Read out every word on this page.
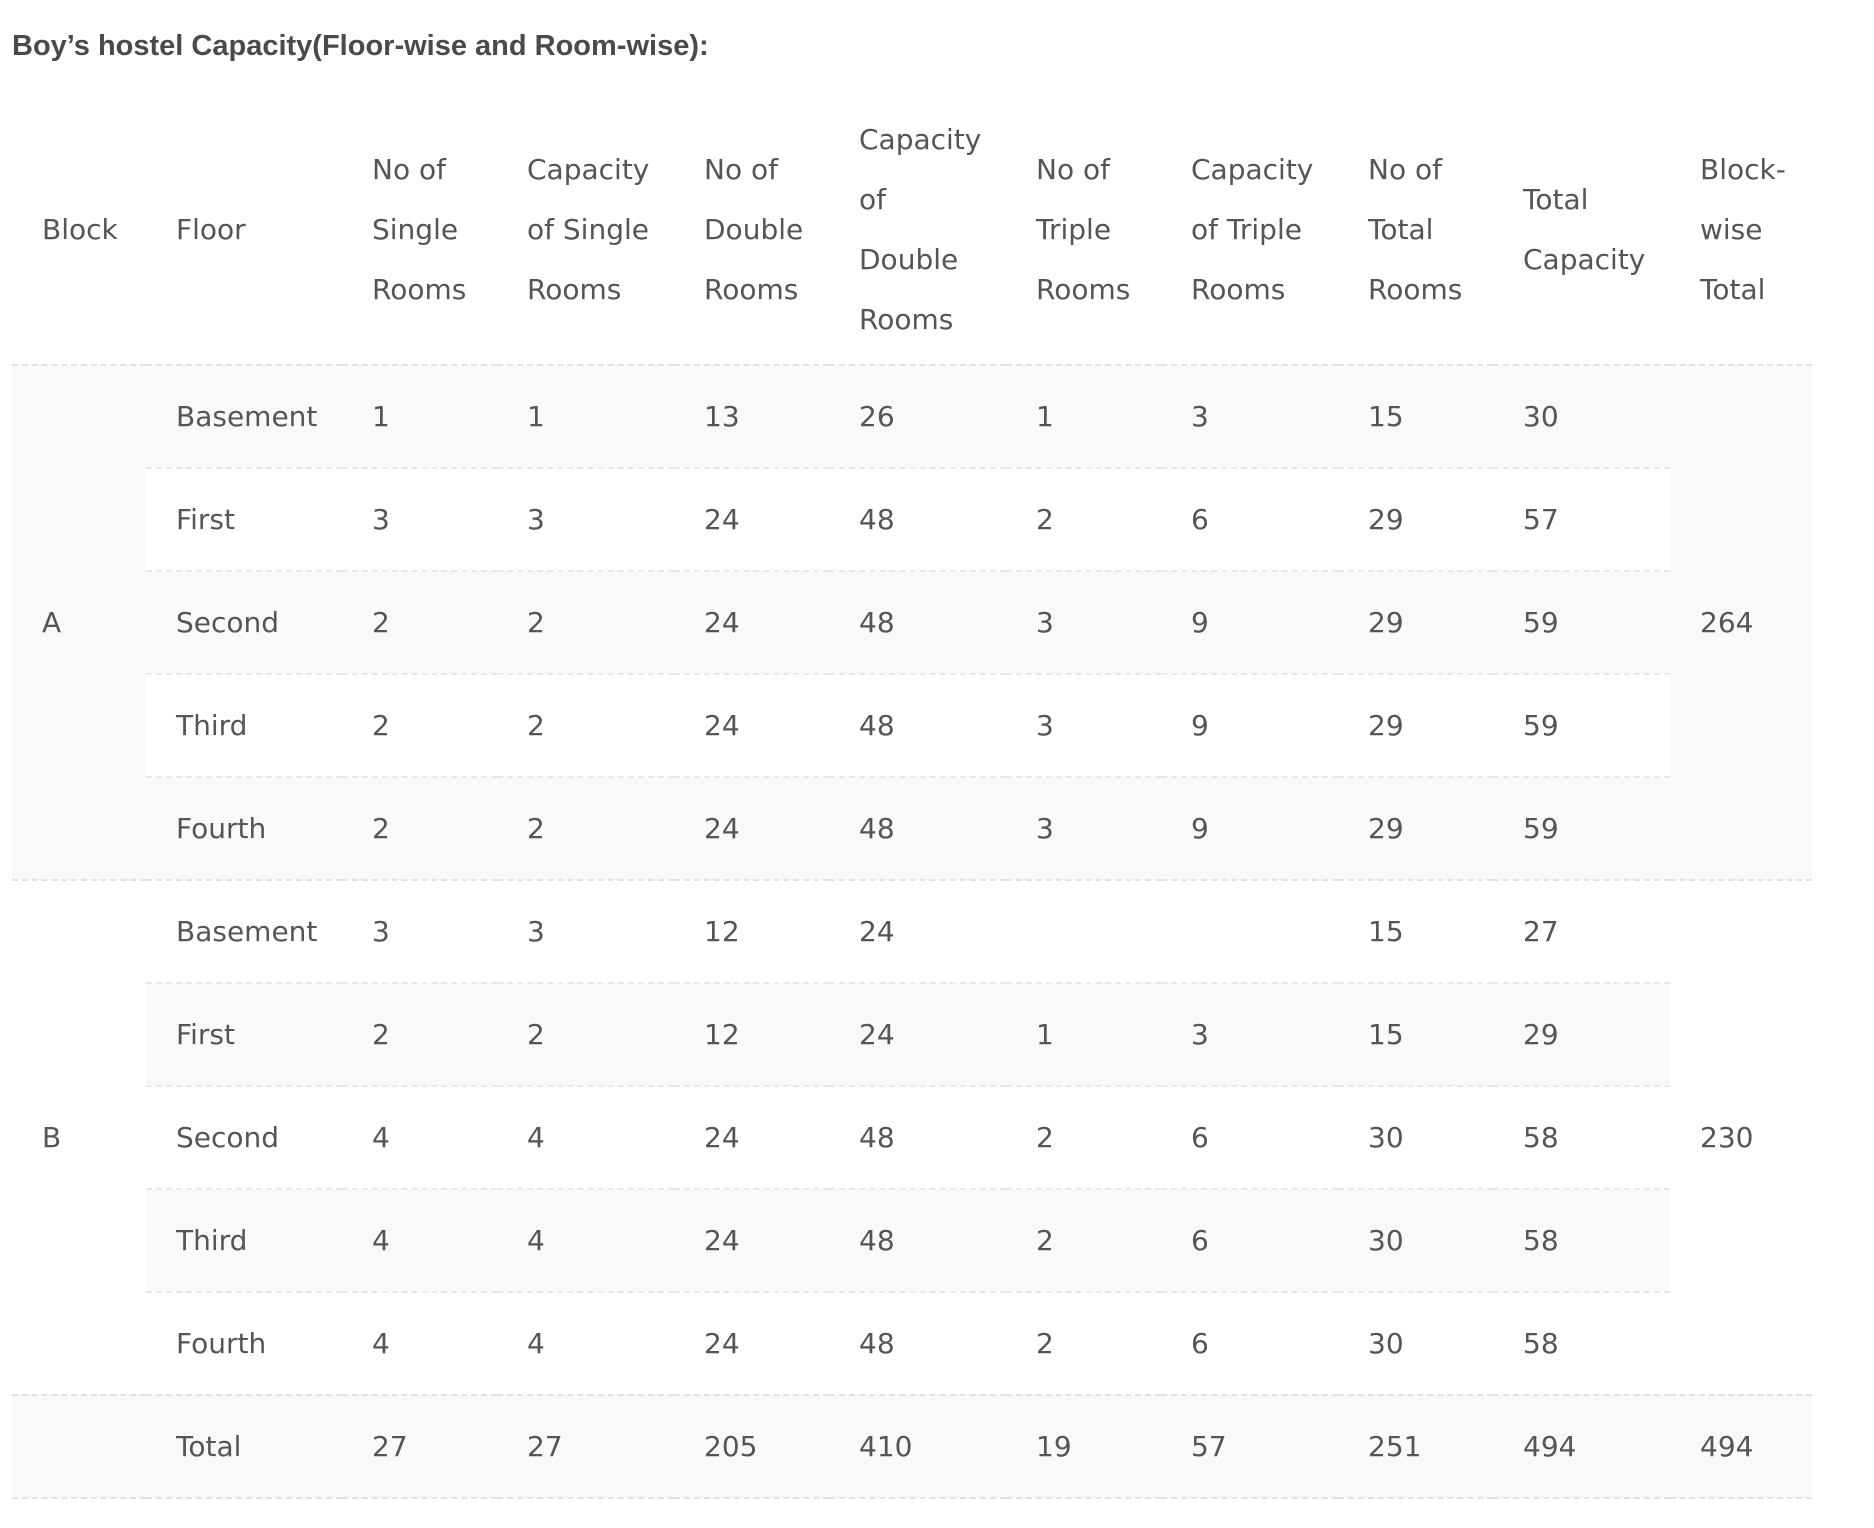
Boy’s hostel Capacity(Floor-wise and Room-wise):
Block	Floor	No of Single Rooms	Capacity of Single Rooms	No of Double Rooms	Capacity of Double Rooms	No of Triple Rooms	Capacity of Triple Rooms	No of Total Rooms	Total Capacity	Block-wise Total
A	Basement	1	1	13	26	1	3	15	30	264
	First	3	3	24	48	2	6	29	57	
	Second	2	2	24	48	3	9	29	59	
	Third	2	2	24	48	3	9	29	59	
	Fourth	2	2	24	48	3	9	29	59	
B	Basement	3	3	12	24			15	27	230
	First	2	2	12	24	1	3	15	29	
	Second	4	4	24	48	2	6	30	58	
	Third	4	4	24	48	2	6	30	58	
	Fourth	4	4	24	48	2	6	30	58	
	Total	27	27	205	410	19	57	251	494	494
